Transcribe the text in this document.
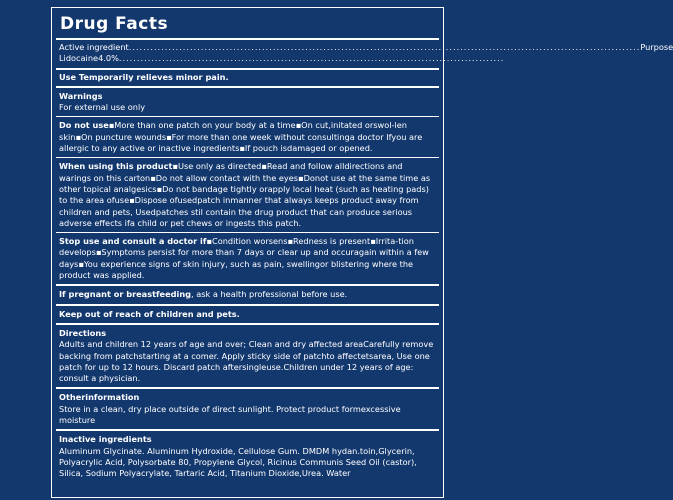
Drug Facts
Active ingredient .............................................................................................................................................. Purpose
Lidocaine4.0% ...........................................................................................................
Use Temporarily relieves minor pain.
Warnings
For external use only
Do not use▪More than one patch on your body at a time▪On cut,initated orswol-len skin▪On puncture wounds▪For more than one week without consultinga doctor Ifyou are allergic to any active or inactive ingredients▪If pouch isdamaged or opened.
When using this product▪Use only as directed▪Read and follow alldirections and warings on this carton▪Do not allow contact with the eyes▪Donot use at the same time as other topical analgesics▪Do not bandage tightly orapply local heat (such as heating pads) to the area ofuse▪Dispose ofusedpatch inmanner that always keeps product away from children and pets, Usedpatches stil contain the drug product that can produce serious adverse effects ifa child or pet chews or ingests this patch.
Stop use and consult a doctor if▪Condition worsens▪Redness is present▪Irrita-tion develops▪Symptoms persist for more than 7 days or clear up and occuragain within a few days▪You experience signs of skin injury, such as pain, swellingor blistering where the product was applied.
If pregnant or breastfeeding, ask a health professional before use.
Keep out of reach of children and pets.
Directions
Adults and children 12 years of age and over; Clean and dry affected areaCarefully remove backing from patchstarting at a comer. Apply sticky side of patchto affectetsarea, Use one patch for up to 12 hours. Discard patch aftersingleuse.Children under 12 years of age: consult a physician.
Otherinformation
Store in a clean, dry place outside of direct sunlight. Protect product formexcessive moisture
Inactive ingredients
Aluminum Glycinate. Aluminum Hydroxide, Cellulose Gum. DMDM hydan.toin,Glycerin, Polyacrylic Acid, Polysorbate 80, Propylene Glycol, Ricinus Communis Seed Oil (castor), Silica, Sodium Polyacrylate, Tartaric Acid, Titanium Dioxide,Urea. Water
